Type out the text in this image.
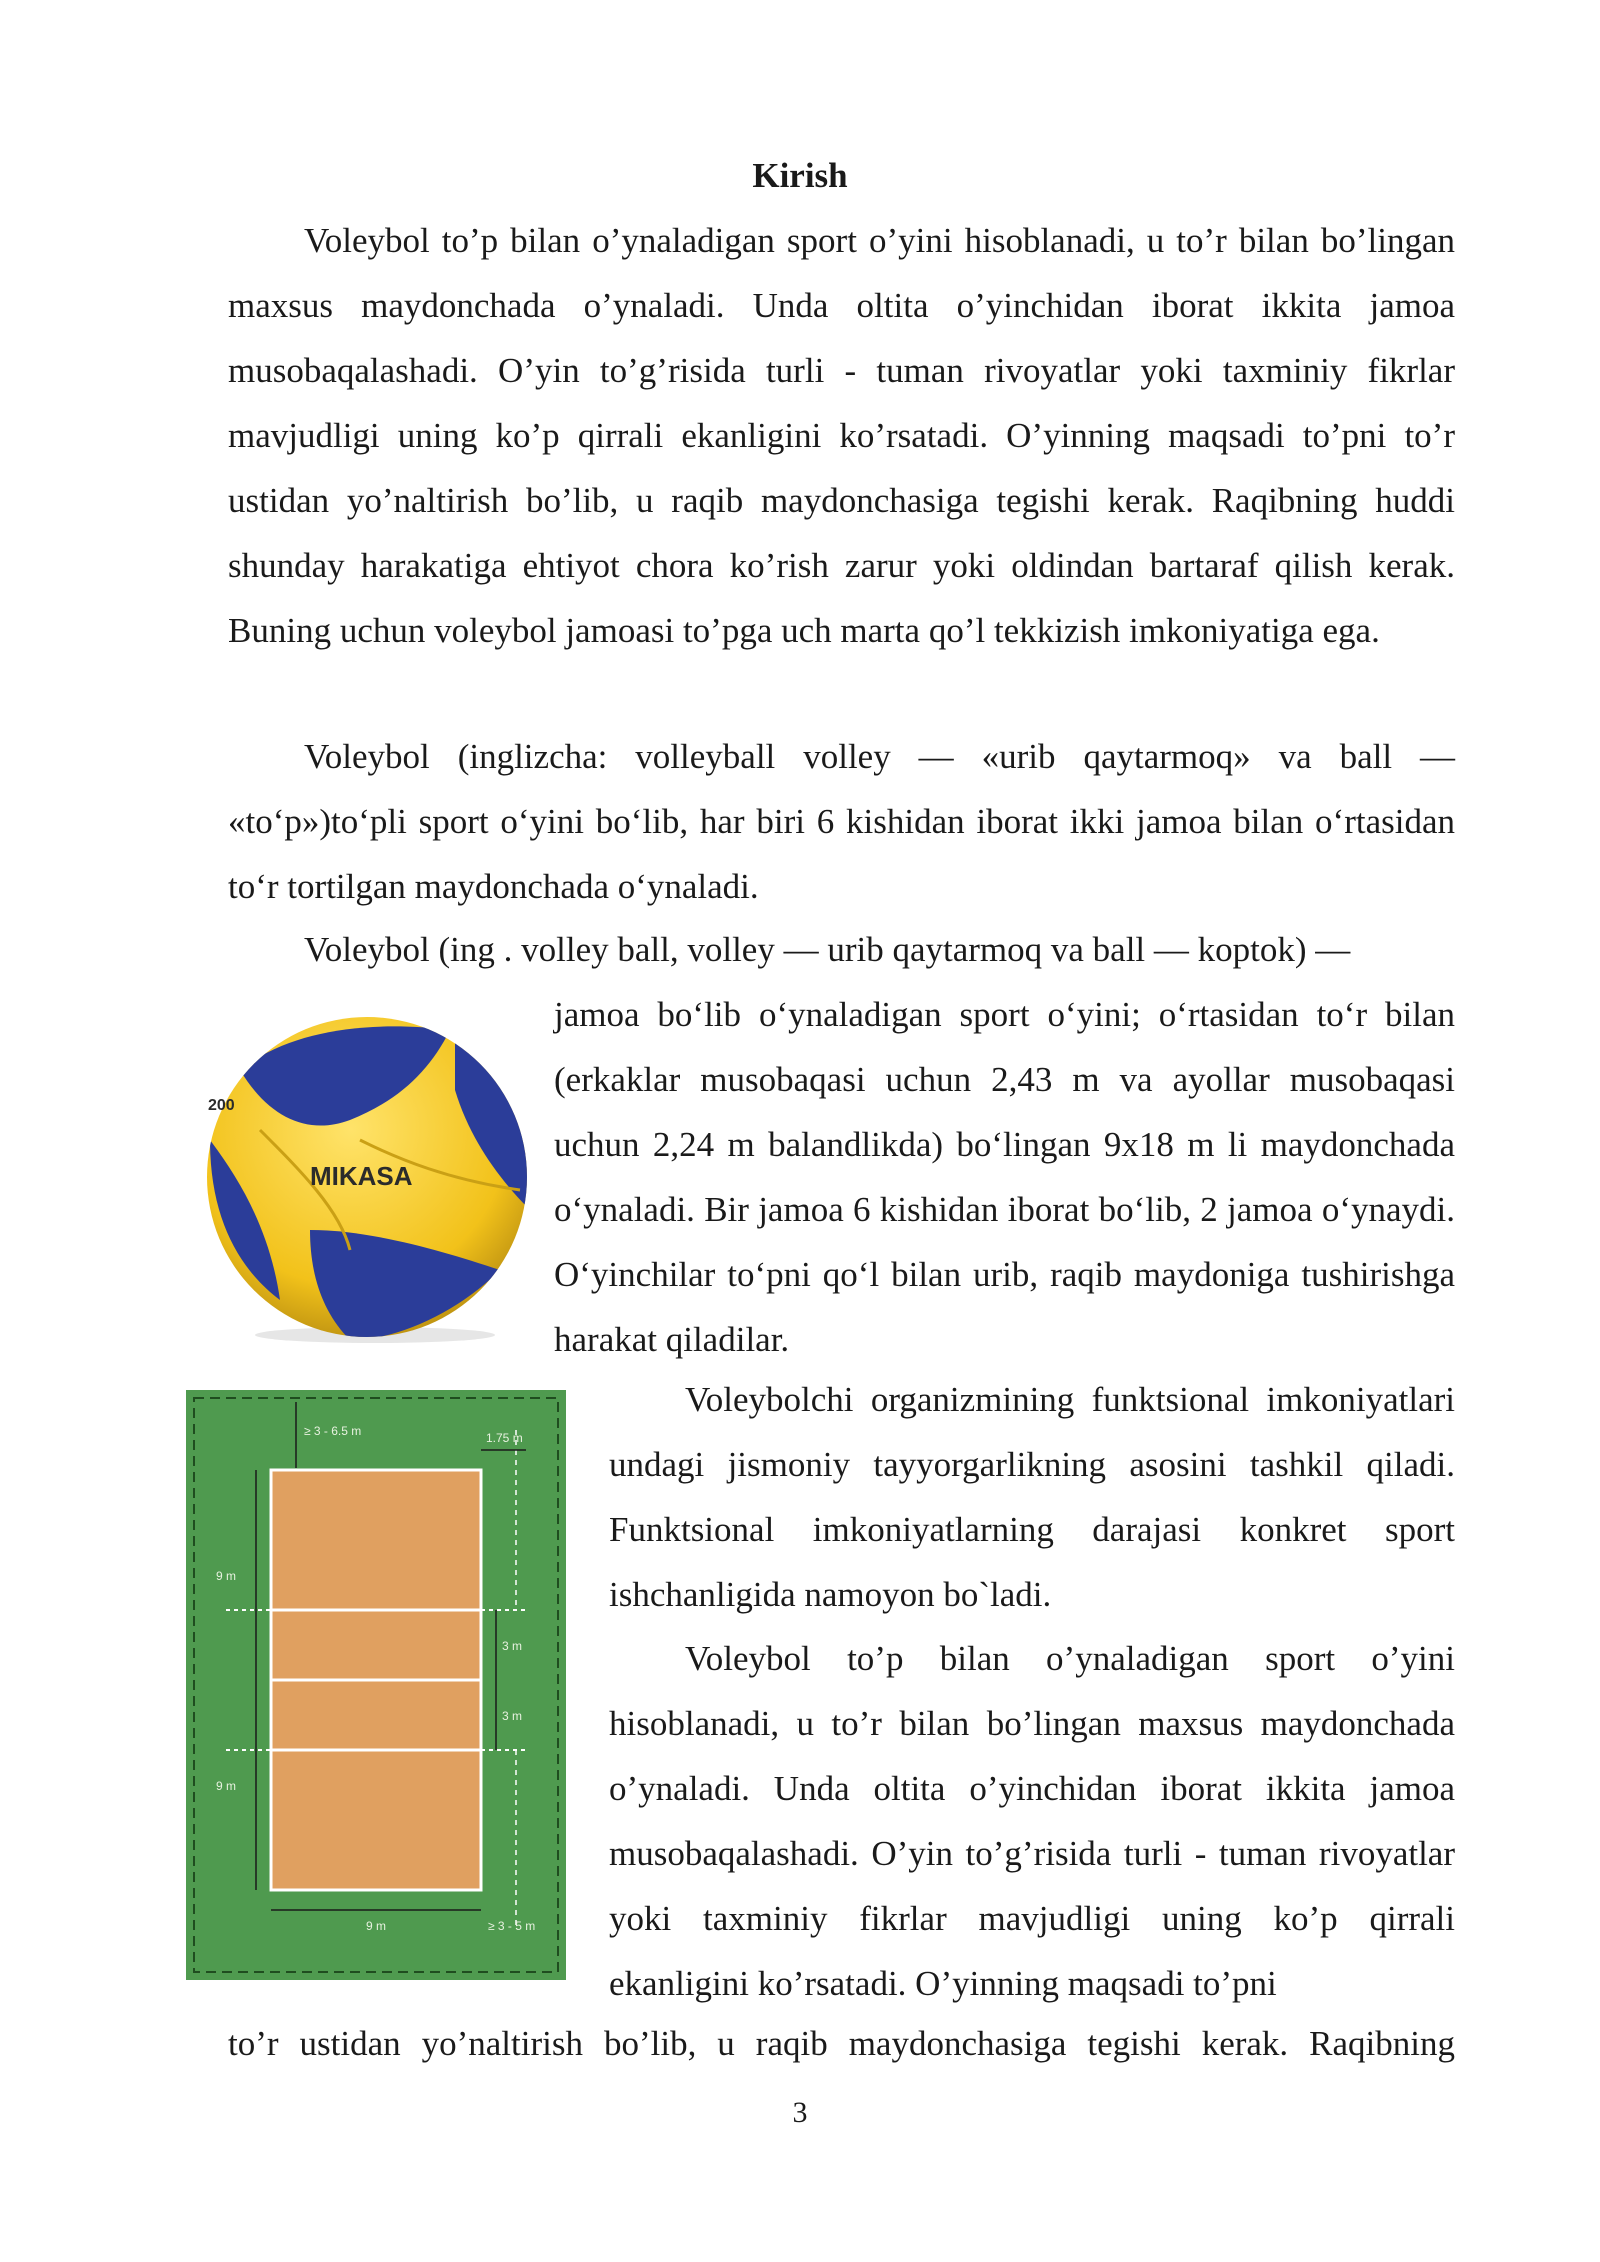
Kirish

Voleybol to’p bilan o’ynaladigan sport o’yini hisoblanadi, u to’r bilan bo’lingan maxsus maydonchada o’ynaladi. Unda oltita o’yinchidan iborat ikkita jamoa musobaqalashadi. O’yin to’g’risida turli - tuman rivoyatlar yoki taxminiy fikrlar mavjudligi uning ko’p qirrali ekanligini ko’rsatadi. O’yinning maqsadi to’pni to’r ustidan yo’naltirish bo’lib, u raqib maydonchasiga tegishi kerak. Raqibning huddi shunday harakatiga ehtiyot chora ko’rish zarur yoki oldindan bartaraf qilish kerak. Buning uchun voleybol jamoasi to’pga uch marta qo’l tekkizish imkoniyatiga ega.

Voleybol (inglizcha: volleyball volley — «urib qaytarmoq» va ball — «to‘p»)to‘pli sport o‘yini bo‘lib, har biri 6 kishidan iborat ikki jamoa bilan o‘rtasidan to‘r tortilgan maydonchada o‘ynaladi.

Voleybol (ing . volley ball, volley — urib qaytarmoq va ball — koptok) —

jamoa bo‘lib o‘ynaladigan sport o‘yini; o‘rtasidan to‘r bilan (erkaklar musobaqasi uchun 2,43 m va ayollar musobaqasi uchun 2,24 m balandlikda) bo‘lingan 9x18 m li maydonchada o‘ynaladi. Bir jamoa 6 kishidan iborat bo‘lib, 2 jamoa o‘ynaydi. O‘yinchilar to‘pni qo‘l bilan urib, raqib maydoniga tushirishga harakat qiladilar.

Voleybolchi organizmining funktsional imkoniyatlari undagi jismoniy tayyorgarlikning asosini tashkil qiladi. Funktsional imkoniyatlarning darajasi konkret sport ishchanligida namoyon bo`ladi.

Voleybol to’p bilan o’ynaladigan sport o’yini hisoblanadi, u to’r bilan bo’lingan maxsus maydonchada o’ynaladi. Unda oltita o’yinchidan iborat ikkita jamoa musobaqalashadi. O’yin to’g’risida turli - tuman rivoyatlar yoki taxminiy fikrlar mavjudligi uning ko’p qirrali ekanligini ko’rsatadi. O’yinning maqsadi to’pni

to’r ustidan yo’naltirish bo’lib, u raqib maydonchasiga tegishi kerak. Raqibning
3
MIKASA
200
≥ 3 - 6.5 m	1.75 m
9 m
3 m
3 m
9 m
9 m	≥ 3 - 5 m
